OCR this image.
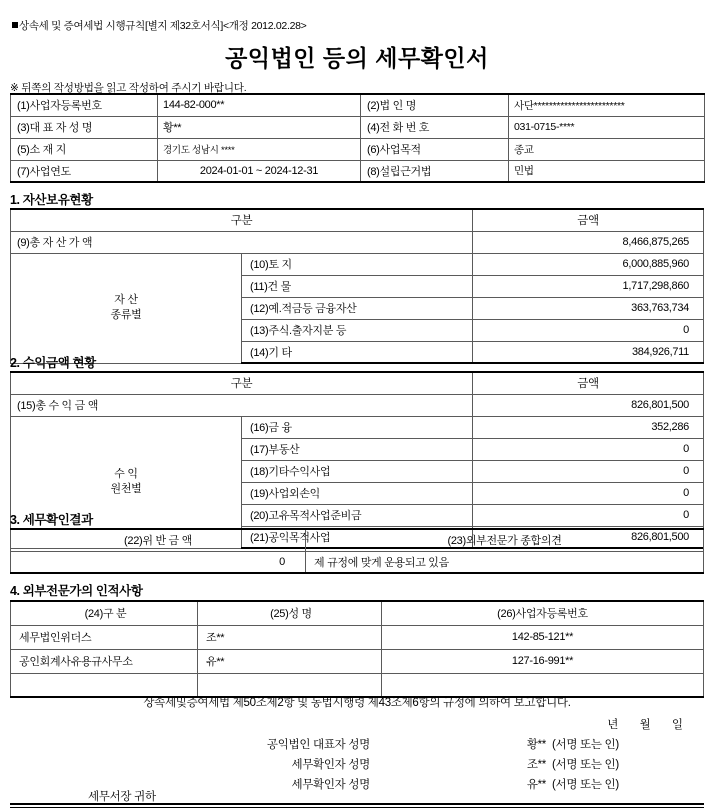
상속세 및 증여세법 시행규칙[별지 제32호서식]<개정 2012.02.28>
공익법인 등의 세무확인서
※ 뒤쪽의 작성방법을 읽고 작성하여 주시기 바랍니다.
(1)사업자등록번호	144-82-000**	(2)법 인 명	사단************************
(3)대 표 자 성 명	황**	(4)전 화 번 호	031-0715-****
(5)소 재 지	경기도 성남시 ****	(6)사업목적	종교
(7)사업연도	2024-01-01 ~ 2024-12-31	(8)설립근거법	민법
1. 자산보유현황
구분		금액
(9)총 자 산 가 액		8,466,875,265
자 산
종류별	(10)토 지	6,000,885,960
	(11)건 물	1,717,298,860
	(12)예.적금등 금융자산	363,763,734
	(13)주식.출자지분 등	0
	(14)기 타	384,926,711
2. 수익금액 현황
구분		금액
(15)총 수 익 금 액		826,801,500
수 익
원천별	(16)금 융	352,286
	(17)부동산	0
	(18)기타수익사업	0
	(19)사업외손익	0
	(20)고유목적사업준비금	0
	(21)공익목적사업	826,801,500
3. 세무확인결과
(22)위 반 금 액	(23)외부전문가 종합의견
0	제 규정에 맞게 운용되고 있음
4. 외부전문가의 인적사항
(24)구 분	(25)성 명	(26)사업자등록번호
세무법인위더스	조**	142-85-121**
공인회계사유용규사무소	유**	127-16-991**

상속세및증여세법 제50조제2항 및 동법시행령 제43조제6항의 규정에 의하여 보고합니다.
년 월 일
공익법인 대표자 성명	황** (서명 또는 인)
세무확인자 성명	조** (서명 또는 인)
세무확인자 성명	유** (서명 또는 인)
세무서장 귀하
